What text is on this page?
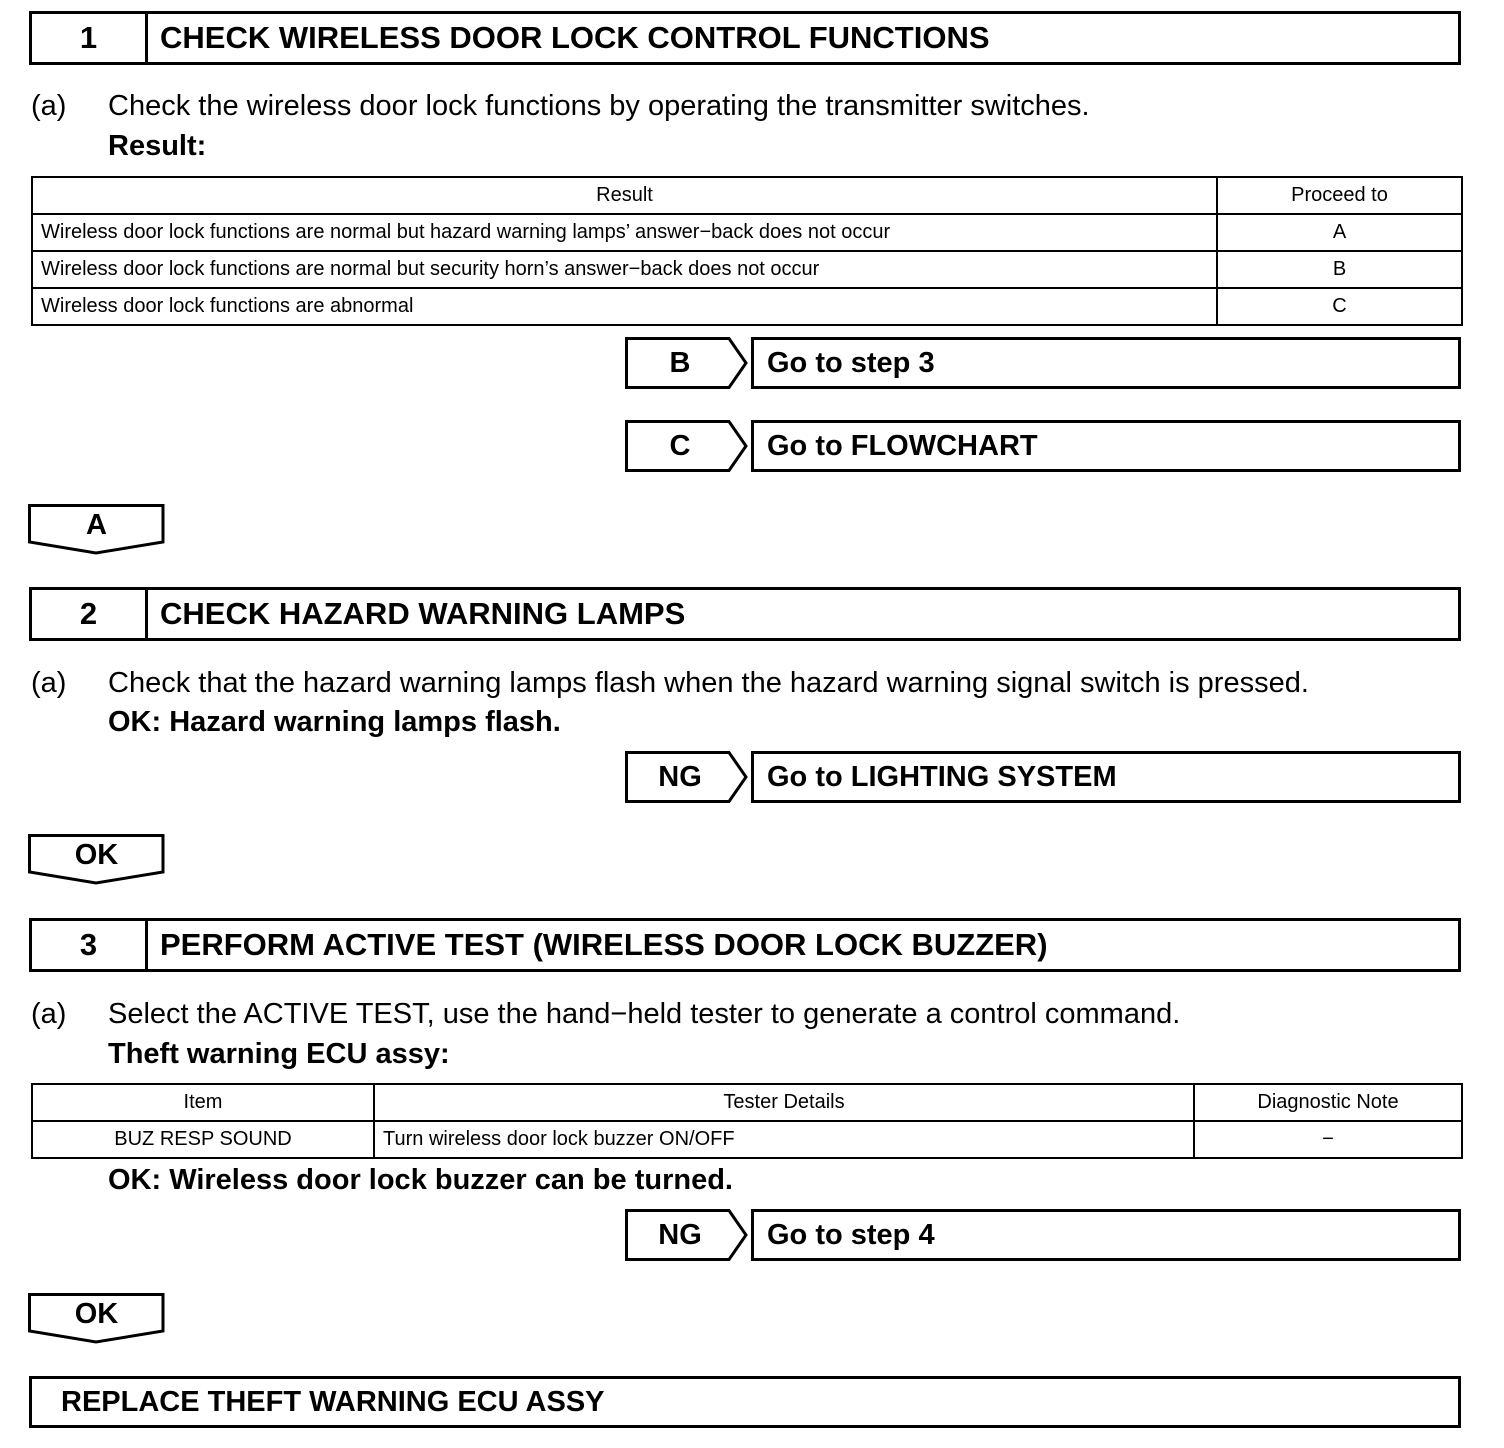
1	CHECK WIRELESS DOOR LOCK CONTROL FUNCTIONS
(a) Check the wireless door lock functions by operating the transmitter switches.
Result:
Result	Proceed to
Wireless door lock functions are normal but hazard warning lamps’ answer−back does not occur	A
Wireless door lock functions are normal but security horn’s answer−back does not occur	B
Wireless door lock functions are abnormal	C
B	Go to step 3
C	Go to FLOWCHART
A
2	CHECK HAZARD WARNING LAMPS
(a) Check that the hazard warning lamps flash when the hazard warning signal switch is pressed.
OK: Hazard warning lamps flash.
NG	Go to LIGHTING SYSTEM
OK
3	PERFORM ACTIVE TEST (WIRELESS DOOR LOCK BUZZER)
(a) Select the ACTIVE TEST, use the hand−held tester to generate a control command.
Theft warning ECU assy:
Item	Tester Details	Diagnostic Note
BUZ RESP SOUND	Turn wireless door lock buzzer ON/OFF	−
OK: Wireless door lock buzzer can be turned.
NG	Go to step 4
OK
REPLACE THEFT WARNING ECU ASSY
